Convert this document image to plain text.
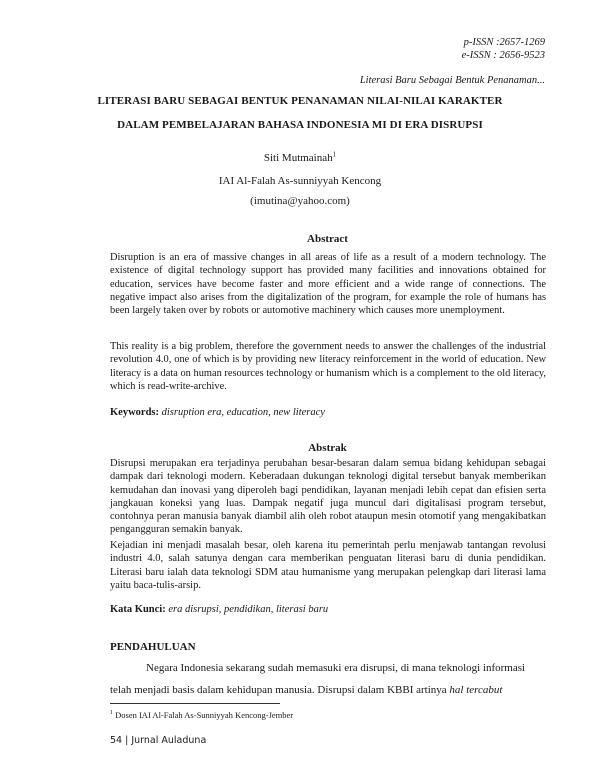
p-ISSN :2657-1269
e-ISSN : 2656-9523
Literasi Baru Sebagai Bentuk Penanaman...
LITERASI BARU SEBAGAI BENTUK PENANAMAN NILAI-NILAI KARAKTER
DALAM PEMBELAJARAN BAHASA INDONESIA MI DI ERA DISRUPSI
Siti Mutmainah$^1$
IAI Al-Falah As-sunniyyah Kencong
(imutina@yahoo.com)
Abstract

Disruption is an era of massive changes in all areas of life as a result of a modern technology. The existence of digital technology support has provided many facilities and innovations obtained for education, services have become faster and more efficient and a wide range of connections. The negative impact also arises from the digitalization of the program, for example the role of humans has been largely taken over by robots or automotive machinery which causes more unemployment.

This reality is a big problem, therefore the government needs to answer the challenges of the industrial revolution 4.0, one of which is by providing new literacy reinforcement in the world of education. New literacy is a data on human resources technology or humanism which is a complement to the old literacy, which is read-write-archive.

Keywords: disruption era, education, new literacy
Abstrak

Disrupsi merupakan era terjadinya perubahan besar-besaran dalam semua bidang kehidupan sebagai dampak dari teknologi modern. Keberadaan dukungan teknologi digital tersebut banyak memberikan kemudahan dan inovasi yang diperoleh bagi pendidikan, layanan menjadi lebih cepat dan efisien serta jangkauan koneksi yang luas. Dampak negatif juga muncul dari digitalisasi program tersebut, contohnya peran manusia banyak diambil alih oleh robot ataupun mesin otomotif yang mengakibatkan pengangguran semakin banyak.

Kejadian ini menjadi masalah besar, oleh karena itu pemerintah perlu menjawab tantangan revolusi industri 4.0, salah satunya dengan cara memberikan penguatan literasi baru di dunia pendidikan. Literasi baru ialah data teknologi SDM atau humanisme yang merupakan pelengkap dari literasi lama yaitu baca-tulis-arsip.

Kata Kunci: era disrupsi, pendidikan, literasi baru
PENDAHULUAN
Negara Indonesia sekarang sudah memasuki era disrupsi, di mana teknologi informasi
telah menjadi basis dalam kehidupan manusia. Disrupsi dalam KBBI artinya hal tercabut
$^1$ Dosen IAI Al-Falah As-Sunniyyah Kencong-Jember
54 | Jurnal Auladuna
